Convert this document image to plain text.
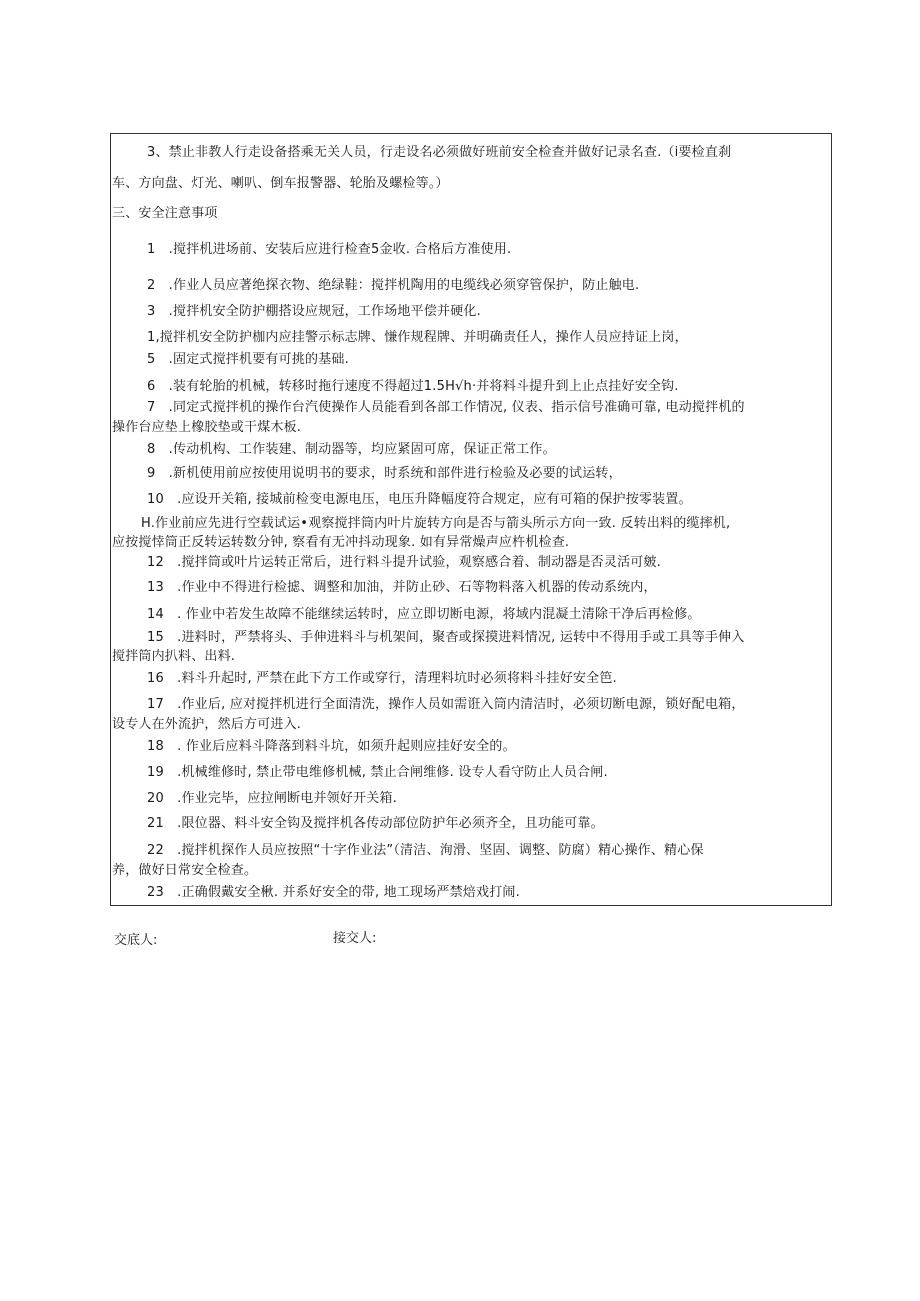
3、禁止非教人行走设备搭乘无关人员，行走设名必须做好班前安全检查并做好记录名查.（i要检直刹
车、方向盘、灯光、喇叭、倒车报警器、轮胎及螺检等。）
三、安全注意事项
1　.搅拌机进场前、安装后应进行检查5金收. 合格后方准使用.
2　.作业人员应著绝探衣物、绝绿鞋：搅拌机陶用的电缆线必须穿管保护，防止触电.
3　.搅拌机安全防护棚搭设应规冠，工作场地平偿并硬化.
1,搅拌机安全防护枷内应挂警示标志牌、慊作规程牌、并明确责任人，操作人员应持证上岗，
5　.固定式搅拌机要有可挑的基础.
6　.装有轮胎的机械，转移时拖行速度不得超过1.5H√h·并将料斗提升到上止点挂好安全钩.
7　.同定式搅拌机的操作台汽使操作人员能看到各部工作情况, 仪表、指示信号准确可靠, 电动搅拌机的
操作台应垫上橡胶垫或干煤木板.
8　.传动机构、工作装建、制动器等，均应紧固可席，保证正常工作。
9　.新机使用前应按使用说明书的要求，时系统和部件进行检验及必要的试运转，
10　.应设开关箱, 接城前检变电源电压，电压升降幅度符合规定，应有可箱的保护按零装置。
H.作业前应先进行空载试运•观察搅拌筒内叶片旋转方向是否与箭头所示方向一致. 反转出料的缆摔机,
应按搅悻筒正反转运转数分钟, 察看有无冲抖动现象. 如有异常燥声应杵机检查.
12　.搅拌筒或叶片运转正常后，进行料斗提升试验，观察感合着、制动器是否灵活可皴.
13　.作业中不得进行检摅、调整和加油，并防止砂、石等物料落入机器的传动系统内，
14　. 作业中若发生故障不能继续运转时，应立即切断电源，将域内混凝土清除干净后再检修。
15　.进料时，严禁将头、手伸进料斗与机架间，聚杳或探摸进料情况, 运转中不得用手或工具等手伸入
搅拌筒内扒料、出料.
16　.料斗升起时, 严禁在此下方工作或穿行，清理料坑时必须将料斗挂好安全笆.
17　.作业后, 应对搅拌机进行全面清洗，操作人员如需诳入筒内清洁时，必须切断电源，锁好配电箱，
设专人在外流护，然后方可进入.
18　. 作业后应料斗降落到料斗坑，如须升起则应挂好安全的。
19　.机械维修时, 禁止带电维修机械, 禁止合闸维修. 设专人看守防止人员合闸.
20　.作业完毕，应拉闸断电并领好开关箱.
21　.限位器、料斗安全钩及搅拌机各传动部位防护年必须齐全，且功能可靠。
22　.搅拌机探作人员应按照“十字作业法”（清洁、洵滑、坚固、调整、防腐）精心操作、精心保
养，做好日常安全检查。
23　.正确假戴安全楸. 并系好安全的带, 地工现场严禁焙戏打闹.
交底人:	接交人:
